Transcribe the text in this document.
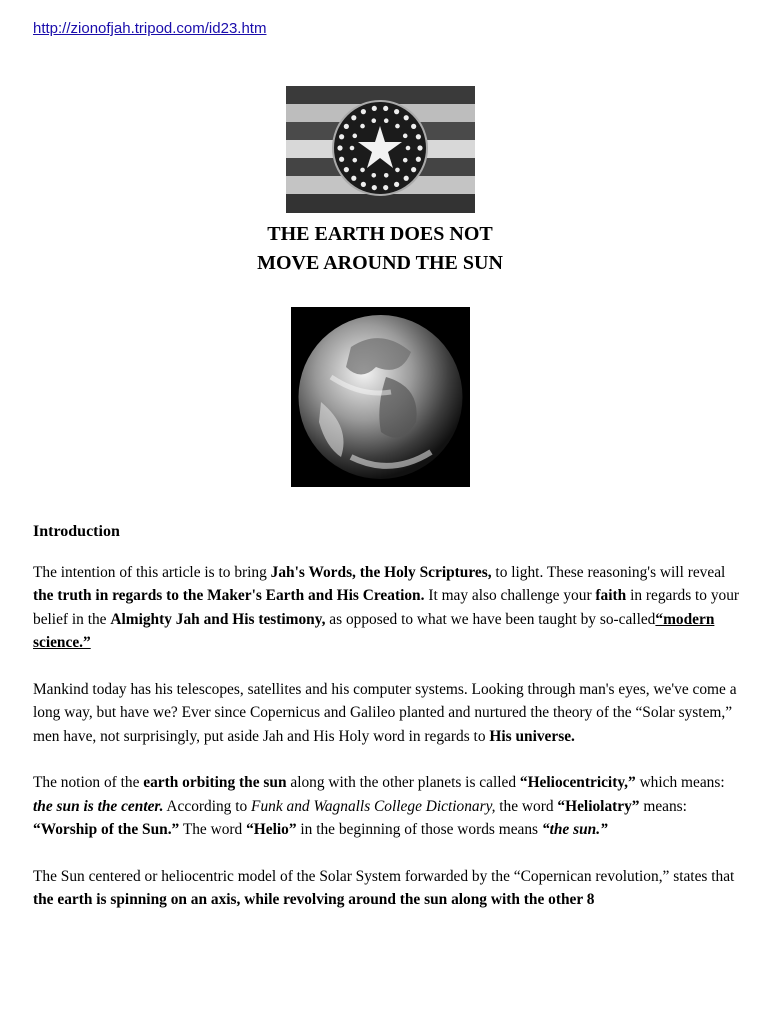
http://zionofjah.tripod.com/id23.htm
THE EARTH DOES NOT
MOVE AROUND THE SUN
Introduction

The intention of this article is to bring Jah's Words, the Holy Scriptures, to light. These reasoning's will reveal the truth in regards to the Maker's Earth and His Creation. It may also challenge your faith in regards to your belief in the Almighty Jah and His testimony, as opposed to what we have been taught by so-called“modern science.”

Mankind today has his telescopes, satellites and his computer systems. Looking through man's eyes, we've come a long way, but have we? Ever since Copernicus and Galileo planted and nurtured the theory of the “Solar system,” men have, not surprisingly, put aside Jah and His Holy word in regards to His universe.

The notion of the earth orbiting the sun along with the other planets is called “Heliocentricity,” which means: the sun is the center. According to Funk and Wagnalls College Dictionary, the word “Heliolatry” means: “Worship of the Sun.” The word “Helio” in the beginning of those words means “the sun.”

The Sun centered or heliocentric model of the Solar System forwarded by the “Copernican revolution,” states that the earth is spinning on an axis, while revolving around the sun along with the other 8
